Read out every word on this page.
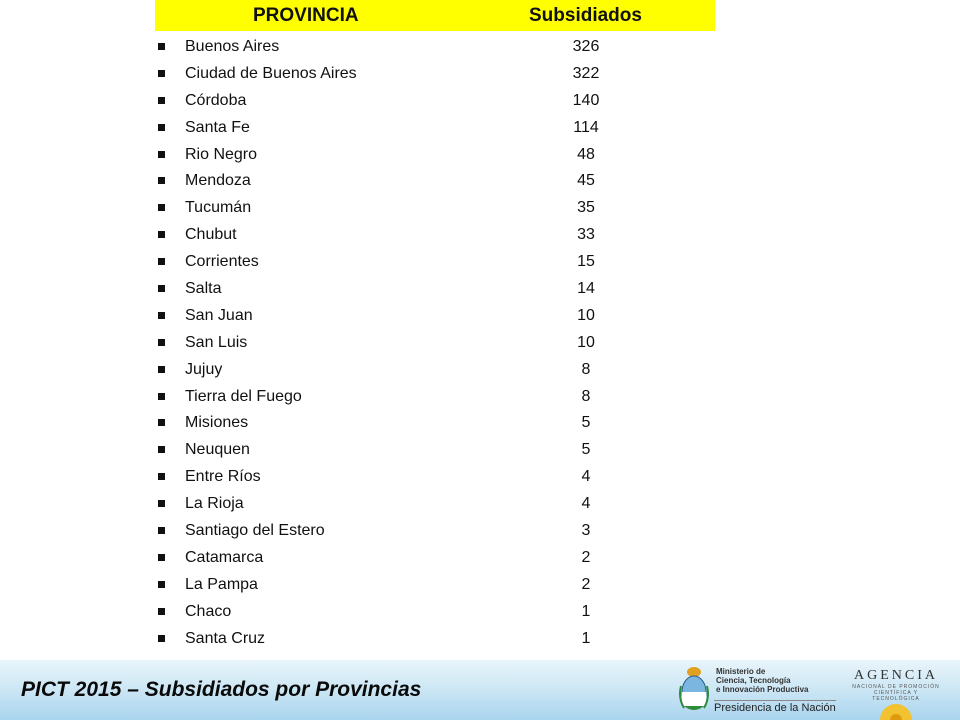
PROVINCIA	Subsidiados
Buenos Aires	326
Ciudad de Buenos Aires	322
Córdoba	140
Santa Fe	114
Rio Negro	48
Mendoza	45
Tucumán	35
Chubut	33
Corrientes	15
Salta	14
San Juan	10
San Luis	10
Jujuy	8
Tierra del Fuego	8
Misiones	5
Neuquen	5
Entre Ríos	4
La Rioja	4
Santiago del Estero	3
Catamarca	2
La Pampa	2
Chaco	1
Santa Cruz	1
PICT 2015 – Subsidiados por Provincias
Ministerio de
Ciencia, Tecnología
e Innovación Productiva
Presidencia de la Nación
AGENCIA
NACIONAL DE PROMOCIÓN
CIENTÍFICA Y TECNOLÓGICA
